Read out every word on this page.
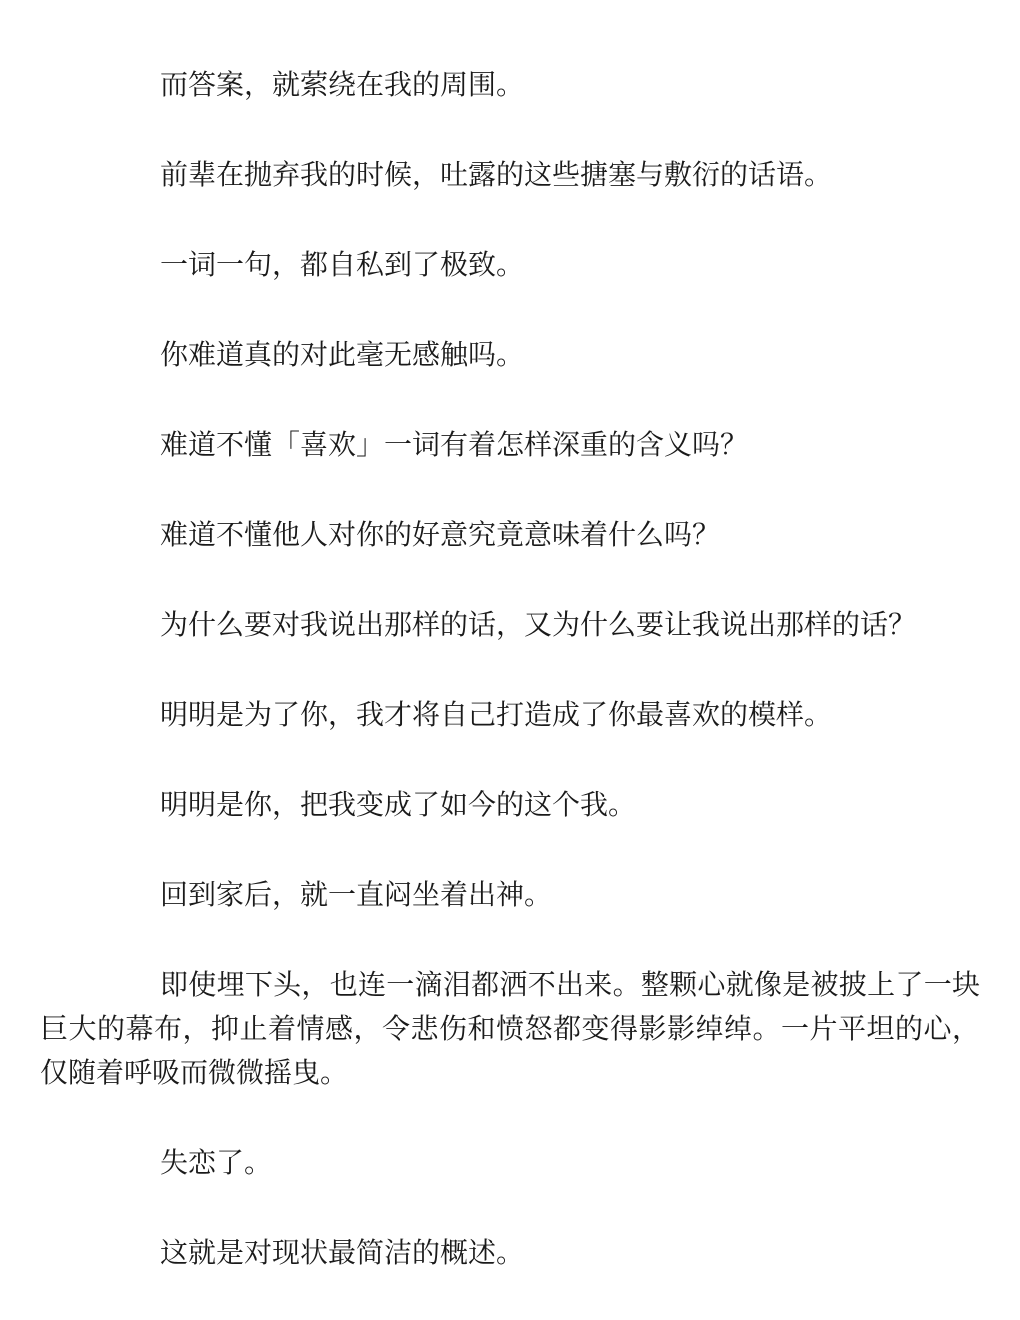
而答案，就萦绕在我的周围。

前辈在抛弃我的时候，吐露的这些搪塞与敷衍的话语。

一词一句，都自私到了极致。

你难道真的对此毫无感触吗。

难道不懂「喜欢」一词有着怎样深重的含义吗？

难道不懂他人对你的好意究竟意味着什么吗？

为什么要对我说出那样的话，又为什么要让我说出那样的话？

明明是为了你，我才将自己打造成了你最喜欢的模样。

明明是你，把我变成了如今的这个我。

回到家后，就一直闷坐着出神。

即使埋下头，也连一滴泪都洒不出来。整颗心就像是被披上了一块巨大的幕布，抑止着情感，令悲伤和愤怒都变得影影绰绰。一片平坦的心，仅随着呼吸而微微摇曳。

失恋了。

这就是对现状最简洁的概述。
